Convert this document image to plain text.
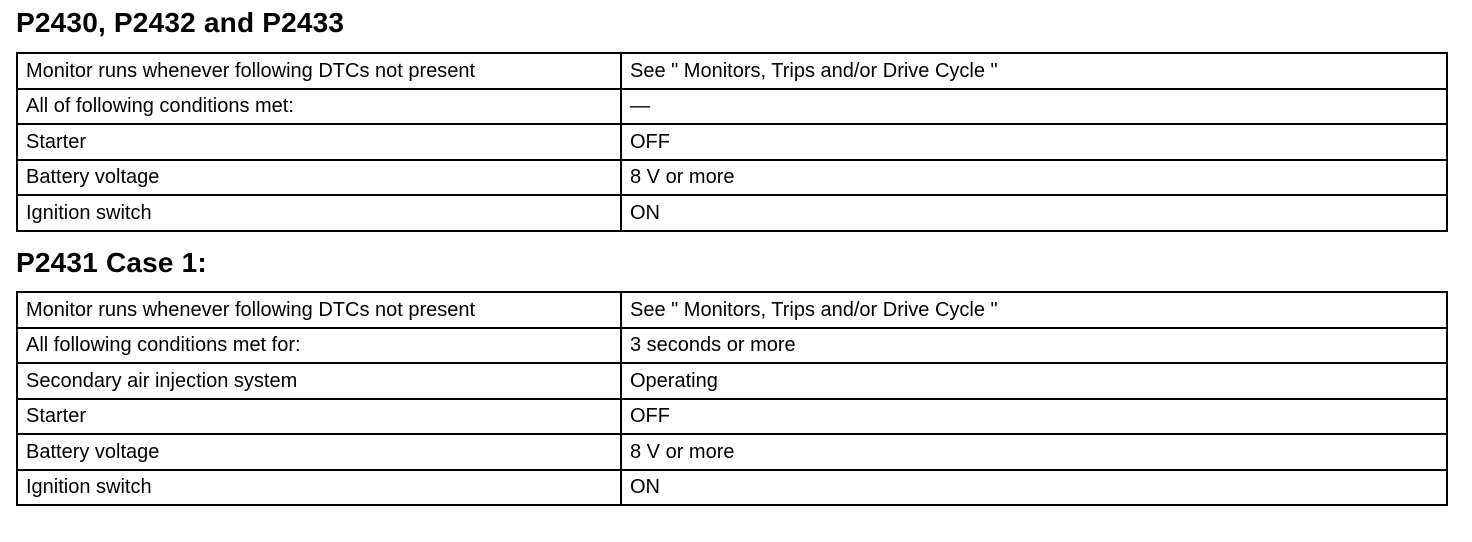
P2430, P2432 and P2433
Monitor runs whenever following DTCs not present	See " Monitors, Trips and/or Drive Cycle "
All of following conditions met:	—
Starter	OFF
Battery voltage	8 V or more
Ignition switch	ON
P2431 Case 1:
Monitor runs whenever following DTCs not present	See " Monitors, Trips and/or Drive Cycle "
All following conditions met for:	3 seconds or more
Secondary air injection system	Operating
Starter	OFF
Battery voltage	8 V or more
Ignition switch	ON
